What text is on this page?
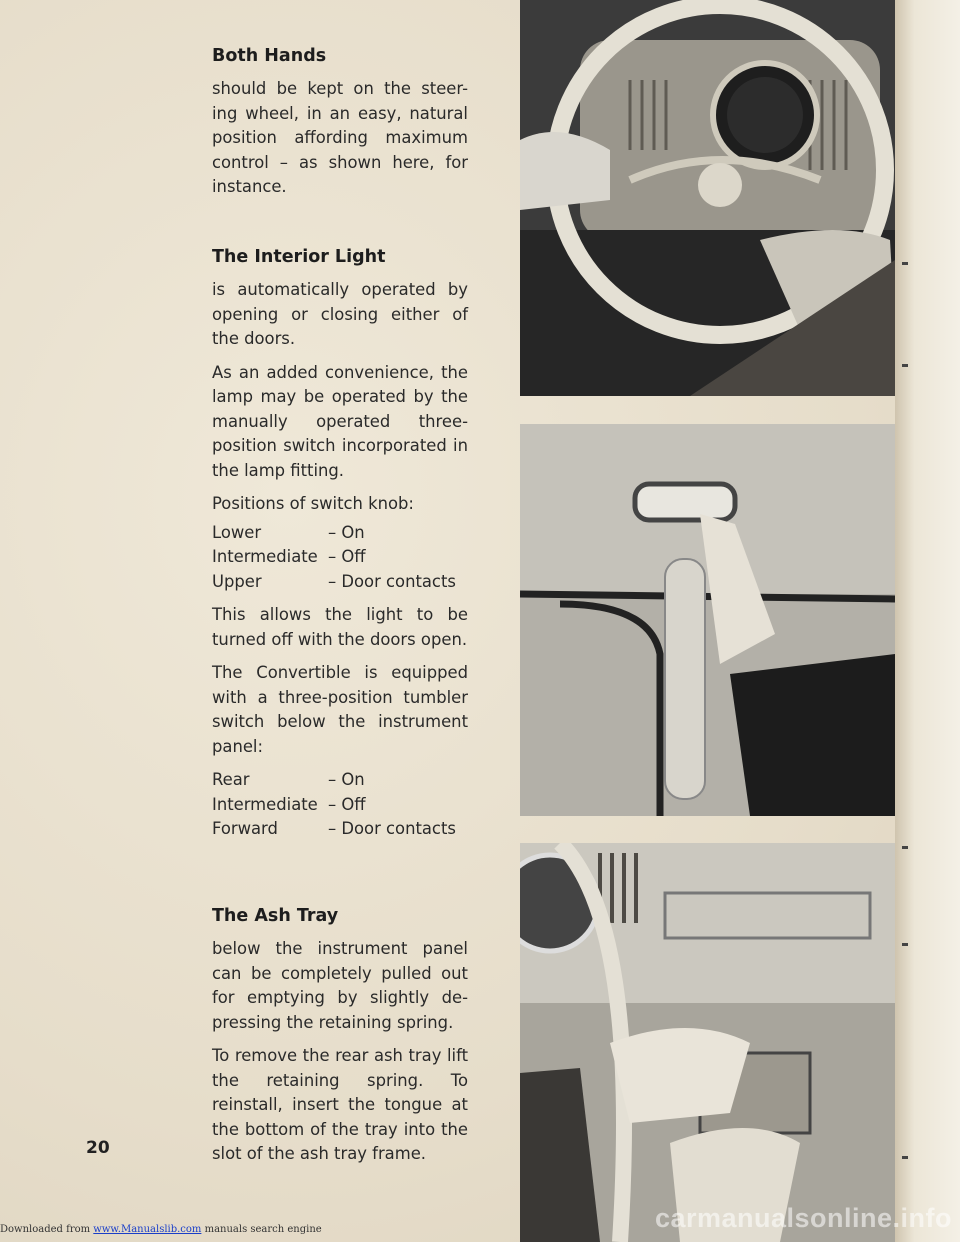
Both Hands

should be kept on the steer-ing wheel, in an easy, natural position affording maximum control – as shown here, for instance.

The Interior Light

is automatically operated by opening or closing either of the doors.

As an added convenience, the lamp may be operated by the manually operated three-position switch incorporated in the lamp fitting.

Positions of switch knob:

Lower	– On
Intermediate – Off
Upper	– Door contacts

This allows the light to be turned off with the doors open.

The Convertible is equipped with a three-position tumbler switch below the instrument panel:

Rear	– On
Intermediate – Off
Forward	– Door contacts
The Ash Tray

below the instrument panel can be completely pulled out for emptying by slightly de-pressing the retaining spring.

To remove the rear ash tray lift the retaining spring. To reinstall, insert the tongue at the bottom of the tray into the slot of the ash tray frame.

20
carmanualsonline.info
Downloaded from www.Manualslib.com manuals search engine
